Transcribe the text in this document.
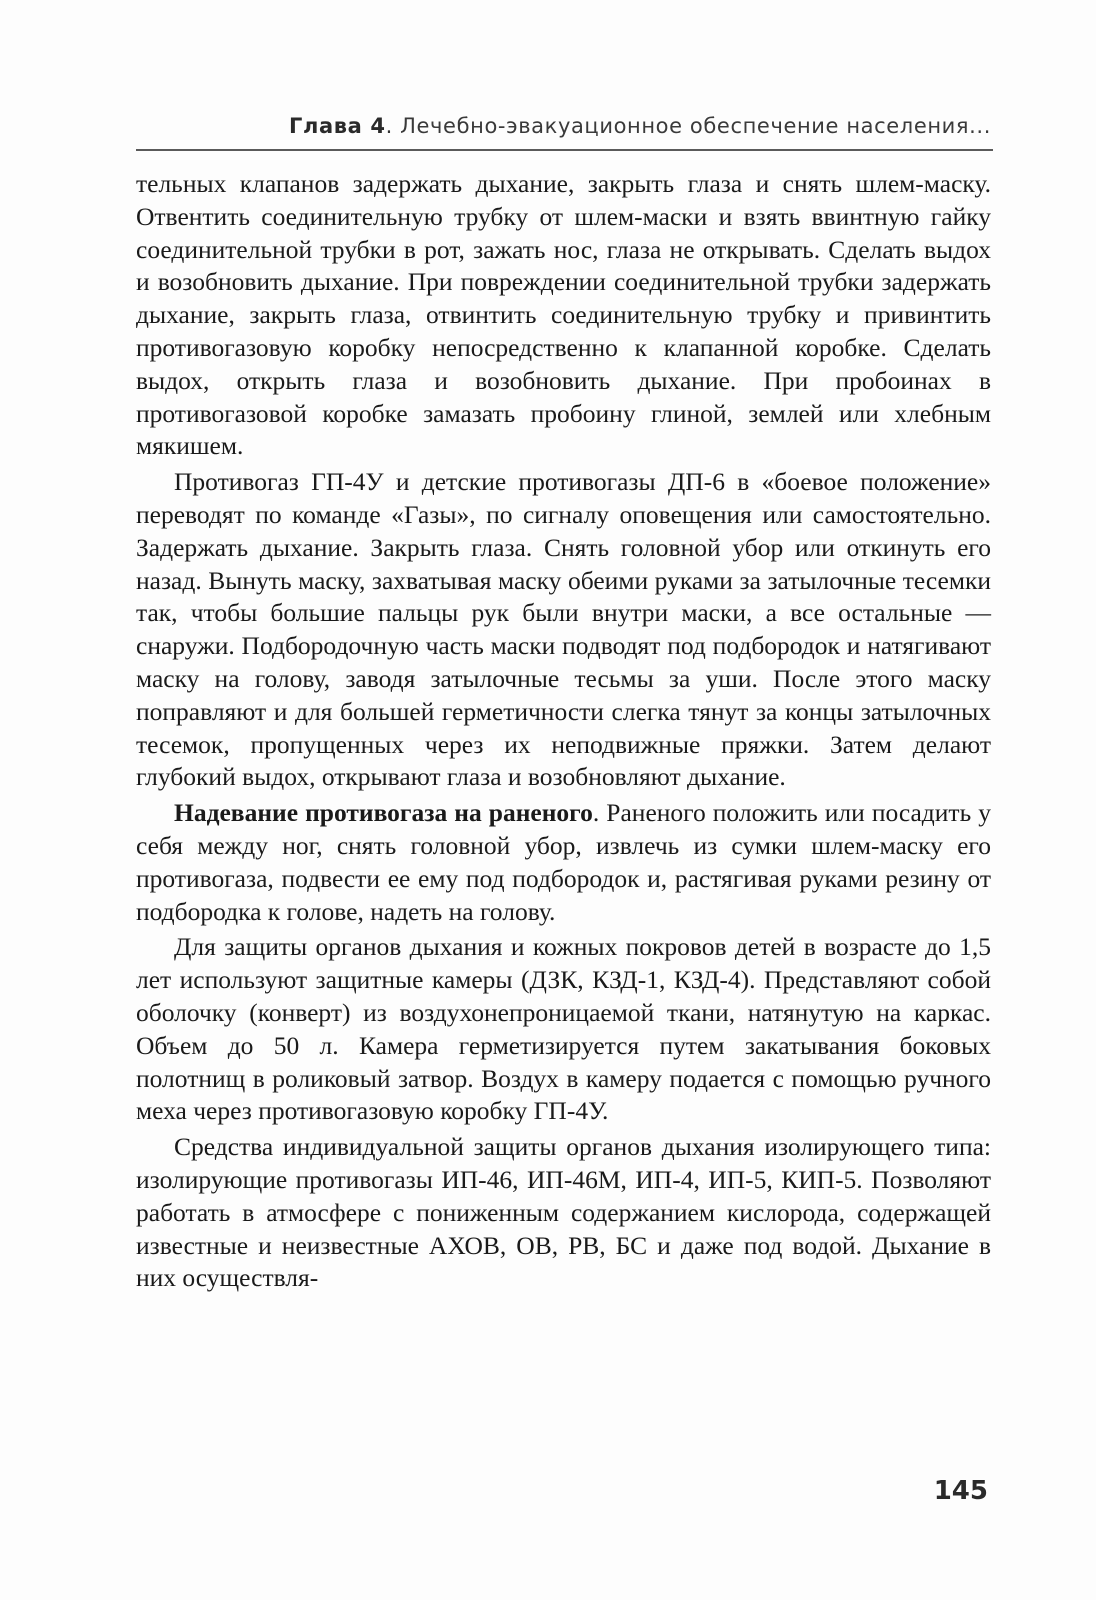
Глава 4. Лечебно-эвакуационное обеспечение населения...

тельных клапанов задержать дыхание, закрыть глаза и снять шлем-маску. Отвентить соединительную трубку от шлем-маски и взять ввинтную гайку соединительной трубки в рот, зажать нос, глаза не открывать. Сделать выдох и возобновить дыхание. При повреждении соединительной трубки задержать дыхание, закрыть глаза, отвинтить соединительную трубку и привинтить противогазовую коробку непосредственно к клапанной коробке. Сделать выдох, открыть глаза и возобновить дыхание. При пробоинах в противогазовой коробке замазать пробоину глиной, землей или хлебным мякишем.

Противогаз ГП-4У и детские противогазы ДП-6 в «боевое положение» переводят по команде «Газы», по сигналу оповещения или самостоятельно. Задержать дыхание. Закрыть глаза. Снять головной убор или откинуть его назад. Вынуть маску, захватывая маску обеими руками за затылочные тесемки так, чтобы большие пальцы рук были внутри маски, а все остальные — снаружи. Подбородочную часть маски подводят под подбородок и натягивают маску на голову, заводя затылочные тесьмы за уши. После этого маску поправляют и для большей герметичности слегка тянут за концы затылочных тесемок, пропущенных через их неподвижные пряжки. Затем делают глубокий выдох, открывают глаза и возобновляют дыхание.

Надевание противогаза на раненого. Раненого положить или посадить у себя между ног, снять головной убор, извлечь из сумки шлем-маску его противогаза, подвести ее ему под подбородок и, растягивая руками резину от подбородка к голове, надеть на голову.

Для защиты органов дыхания и кожных покровов детей в возрасте до 1,5 лет используют защитные камеры (ДЗК, КЗД-1, КЗД-4). Представляют собой оболочку (конверт) из воздухонепроницаемой ткани, натянутую на каркас. Объем до 50 л. Камера герметизируется путем закатывания боковых полотнищ в роликовый затвор. Воздух в камеру подается с помощью ручного меха через противогазовую коробку ГП-4У.

Средства индивидуальной защиты органов дыхания изолирующего типа: изолирующие противогазы ИП-46, ИП-46М, ИП-4, ИП-5, КИП-5. Позволяют работать в атмосфере с пониженным содержанием кислорода, содержащей известные и неизвестные АХОВ, ОВ, РВ, БС и даже под водой. Дыхание в них осуществля-

145
